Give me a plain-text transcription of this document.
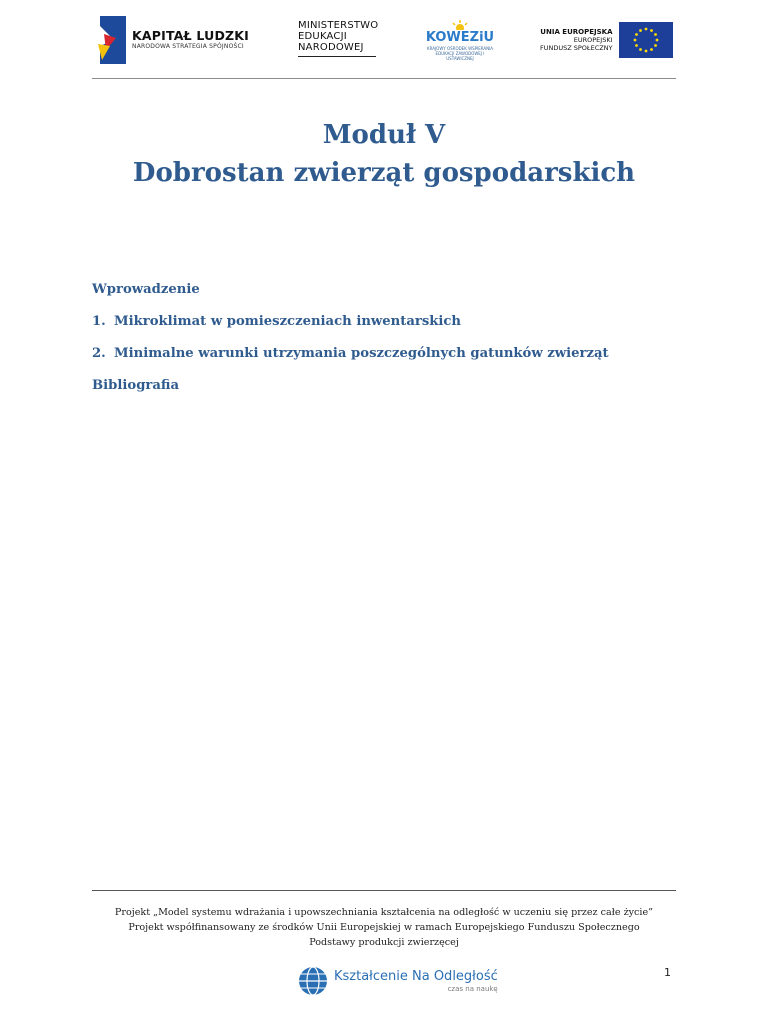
KAPITAŁ LUDZKI
NARODOWA STRATEGIA SPÓJNOŚCI
MINISTERSTWO
EDUKACJI
NARODOWEJ
KOWEZiU
KRAJOWY OŚRODEK WSPIERANIA EDUKACJI ZAWODOWEJ I USTAWICZNEJ
UNIA EUROPEJSKA
EUROPEJSKI
FUNDUSZ SPOŁECZNY
Moduł V
Dobrostan zwierząt gospodarskich
Wprowadzenie
1. Mikroklimat w pomieszczeniach inwentarskich
2. Minimalne warunki utrzymania poszczególnych gatunków zwierząt
Bibliografia
Projekt „Model systemu wdrażania i upowszechniania kształcenia na odległość w uczeniu się przez całe życie”
Projekt współfinansowany ze środków Unii Europejskiej w ramach Europejskiego Funduszu Społecznego
Podstawy produkcji zwierzęcej
Kształcenie Na Odległość
czas na naukę
1
